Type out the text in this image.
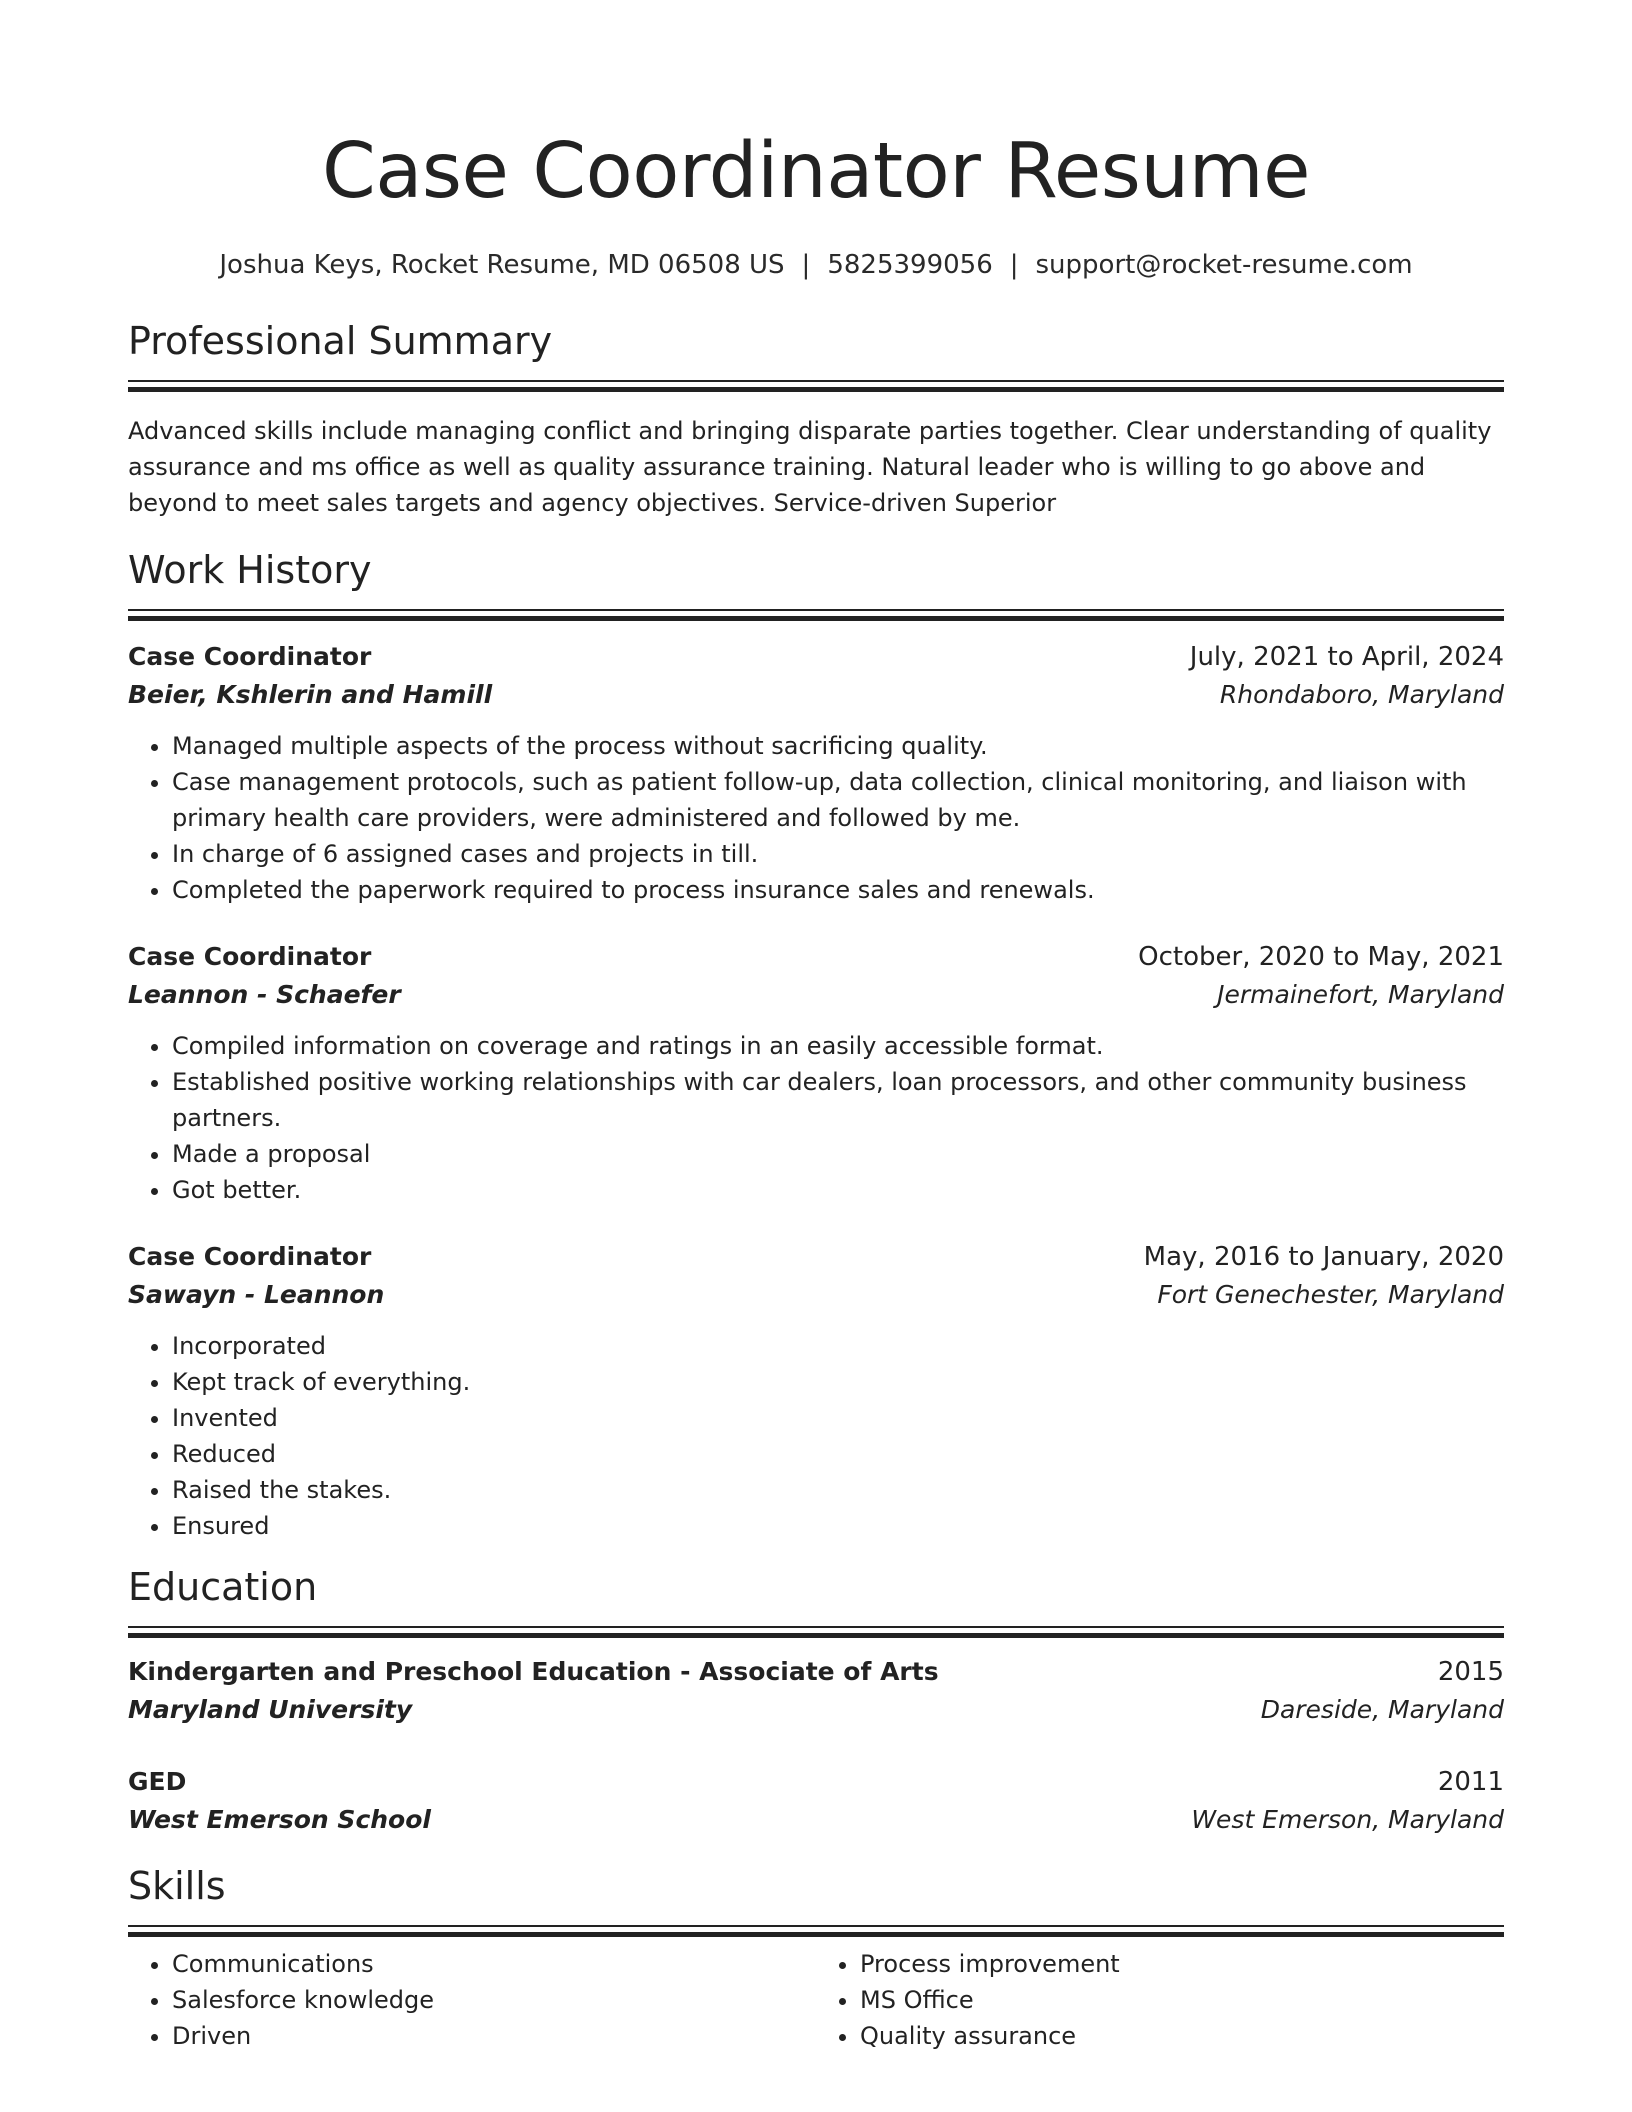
Case Coordinator Resume
Joshua Keys, Rocket Resume, MD 06508 US | 5825399056 | support@rocket-resume.com
Professional Summary

Advanced skills include managing conflict and bringing disparate parties together. Clear understanding of quality assurance and ms office as well as quality assurance training. Natural leader who is willing to go above and beyond to meet sales targets and agency objectives. Service-driven Superior

Work History
Case Coordinator	July, 2021 to April, 2024
Beier, Kshlerin and Hamill	Rhondaboro, Maryland
• Managed multiple aspects of the process without sacrificing quality.
• Case management protocols, such as patient follow-up, data collection, clinical monitoring, and liaison with primary health care providers, were administered and followed by me.
• In charge of 6 assigned cases and projects in till.
• Completed the paperwork required to process insurance sales and renewals.
Case Coordinator	October, 2020 to May, 2021
Leannon - Schaefer	Jermainefort, Maryland
• Compiled information on coverage and ratings in an easily accessible format.
• Established positive working relationships with car dealers, loan processors, and other community business partners.
• Made a proposal
• Got better.
Case Coordinator	May, 2016 to January, 2020
Sawayn - Leannon	Fort Genechester, Maryland
• Incorporated
• Kept track of everything.
• Invented
• Reduced
• Raised the stakes.
• Ensured
Education
Kindergarten and Preschool Education - Associate of Arts	2015
Maryland University	Dareside, Maryland
GED	2011
West Emerson School	West Emerson, Maryland
Skills
• Communications
• Salesforce knowledge
• Driven
• Process improvement
• MS Office
• Quality assurance
